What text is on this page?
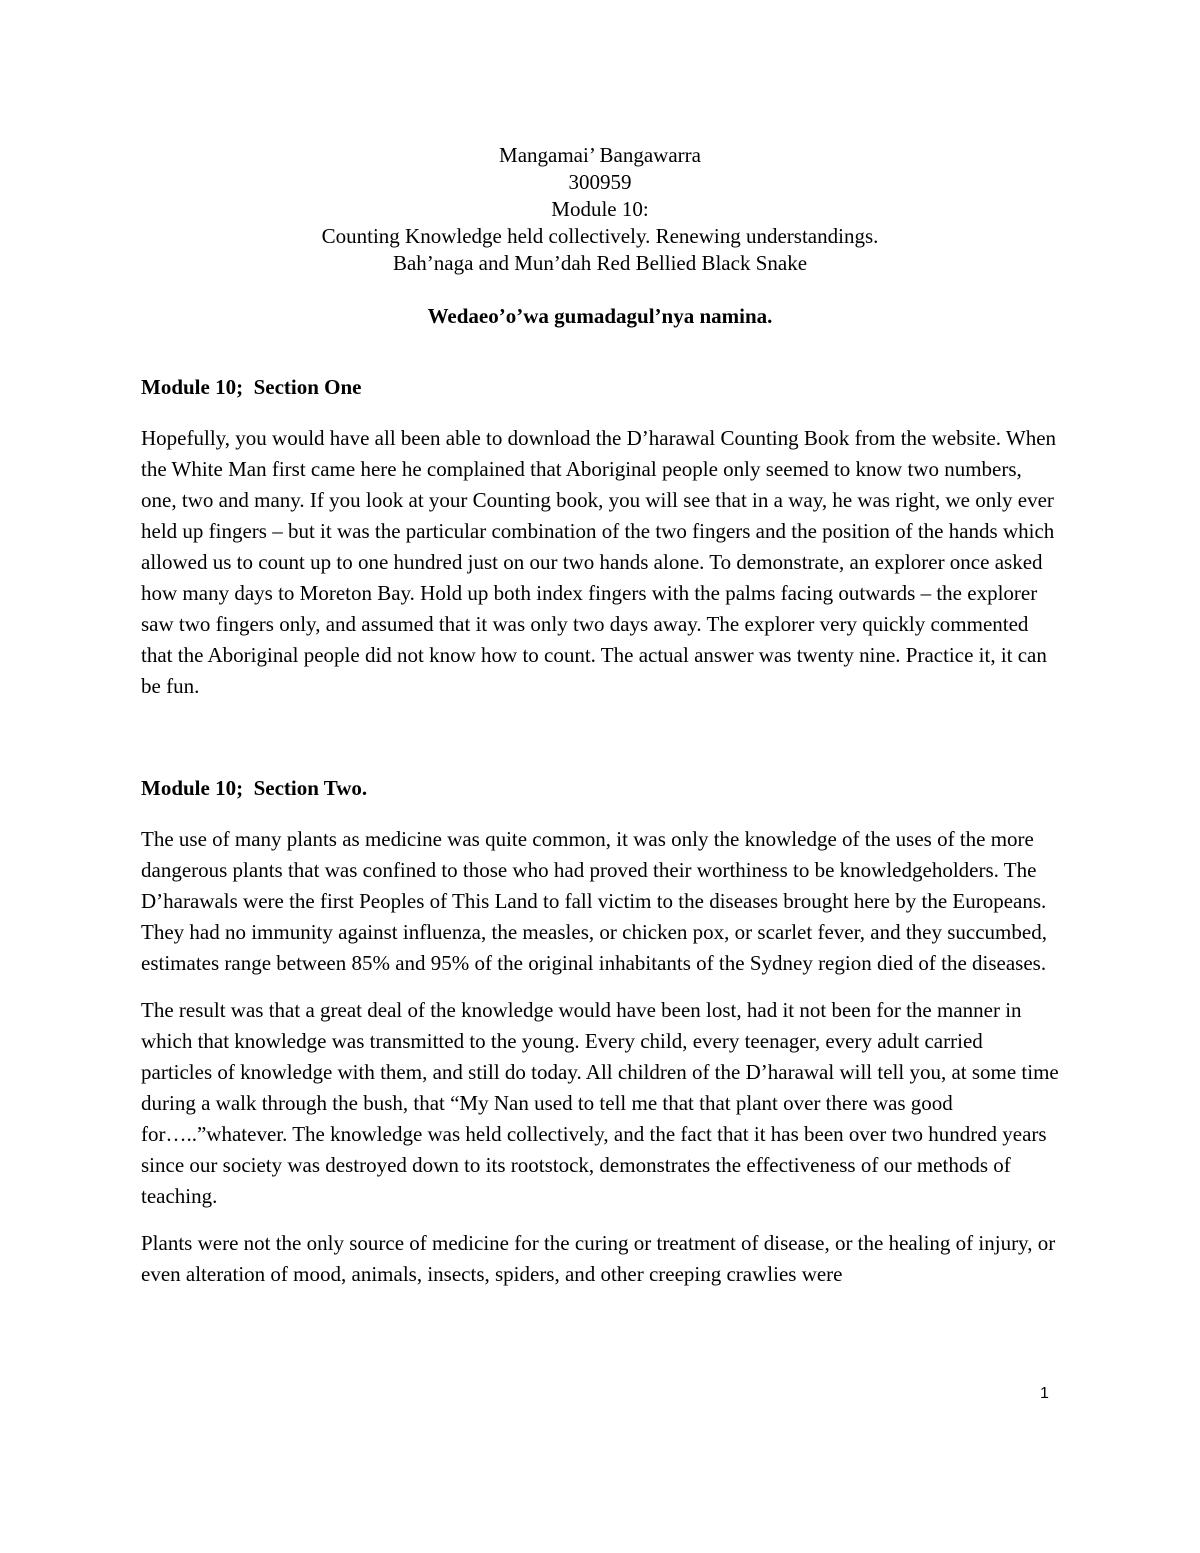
Mangamai’ Bangawarra
300959
Module 10:
Counting Knowledge held collectively. Renewing understandings.
Bah’naga and Mun’dah Red Bellied Black Snake
Wedaeo’o’wa gumadagul’nya namina.
Module 10;  Section One

Hopefully, you would have all been able to download the D’harawal Counting Book from the website. When the White Man first came here he complained that Aboriginal people only seemed to know two numbers, one, two and many. If you look at your Counting book, you will see that in a way, he was right, we only ever held up fingers – but it was the particular combination of the two fingers and the position of the hands which allowed us to count up to one hundred just on our two hands alone. To demonstrate, an explorer once asked how many days to Moreton Bay. Hold up both index fingers with the palms facing outwards – the explorer saw two fingers only, and assumed that it was only two days away. The explorer very quickly commented that the Aboriginal people did not know how to count. The actual answer was twenty nine. Practice it, it can be fun.

Module 10;  Section Two.

The use of many plants as medicine was quite common, it was only the knowledge of the uses of the more dangerous plants that was confined to those who had proved their worthiness to be knowledgeholders. The D’harawals were the first Peoples of This Land to fall victim to the diseases brought here by the Europeans. They had no immunity against influenza, the measles, or chicken pox, or scarlet fever, and they succumbed, estimates range between 85% and 95% of the original inhabitants of the Sydney region died of the diseases.

The result was that a great deal of the knowledge would have been lost, had it not been for the manner in which that knowledge was transmitted to the young. Every child, every teenager, every adult carried particles of knowledge with them, and still do today. All children of the D’harawal will tell you, at some time during a walk through the bush, that “My Nan used to tell me that that plant over there was good for…..”whatever. The knowledge was held collectively, and the fact that it has been over two hundred years since our society was destroyed down to its rootstock, demonstrates the effectiveness of our methods of teaching.

Plants were not the only source of medicine for the curing or treatment of disease, or the healing of injury, or even alteration of mood, animals, insects, spiders, and other creeping crawlies were

1
